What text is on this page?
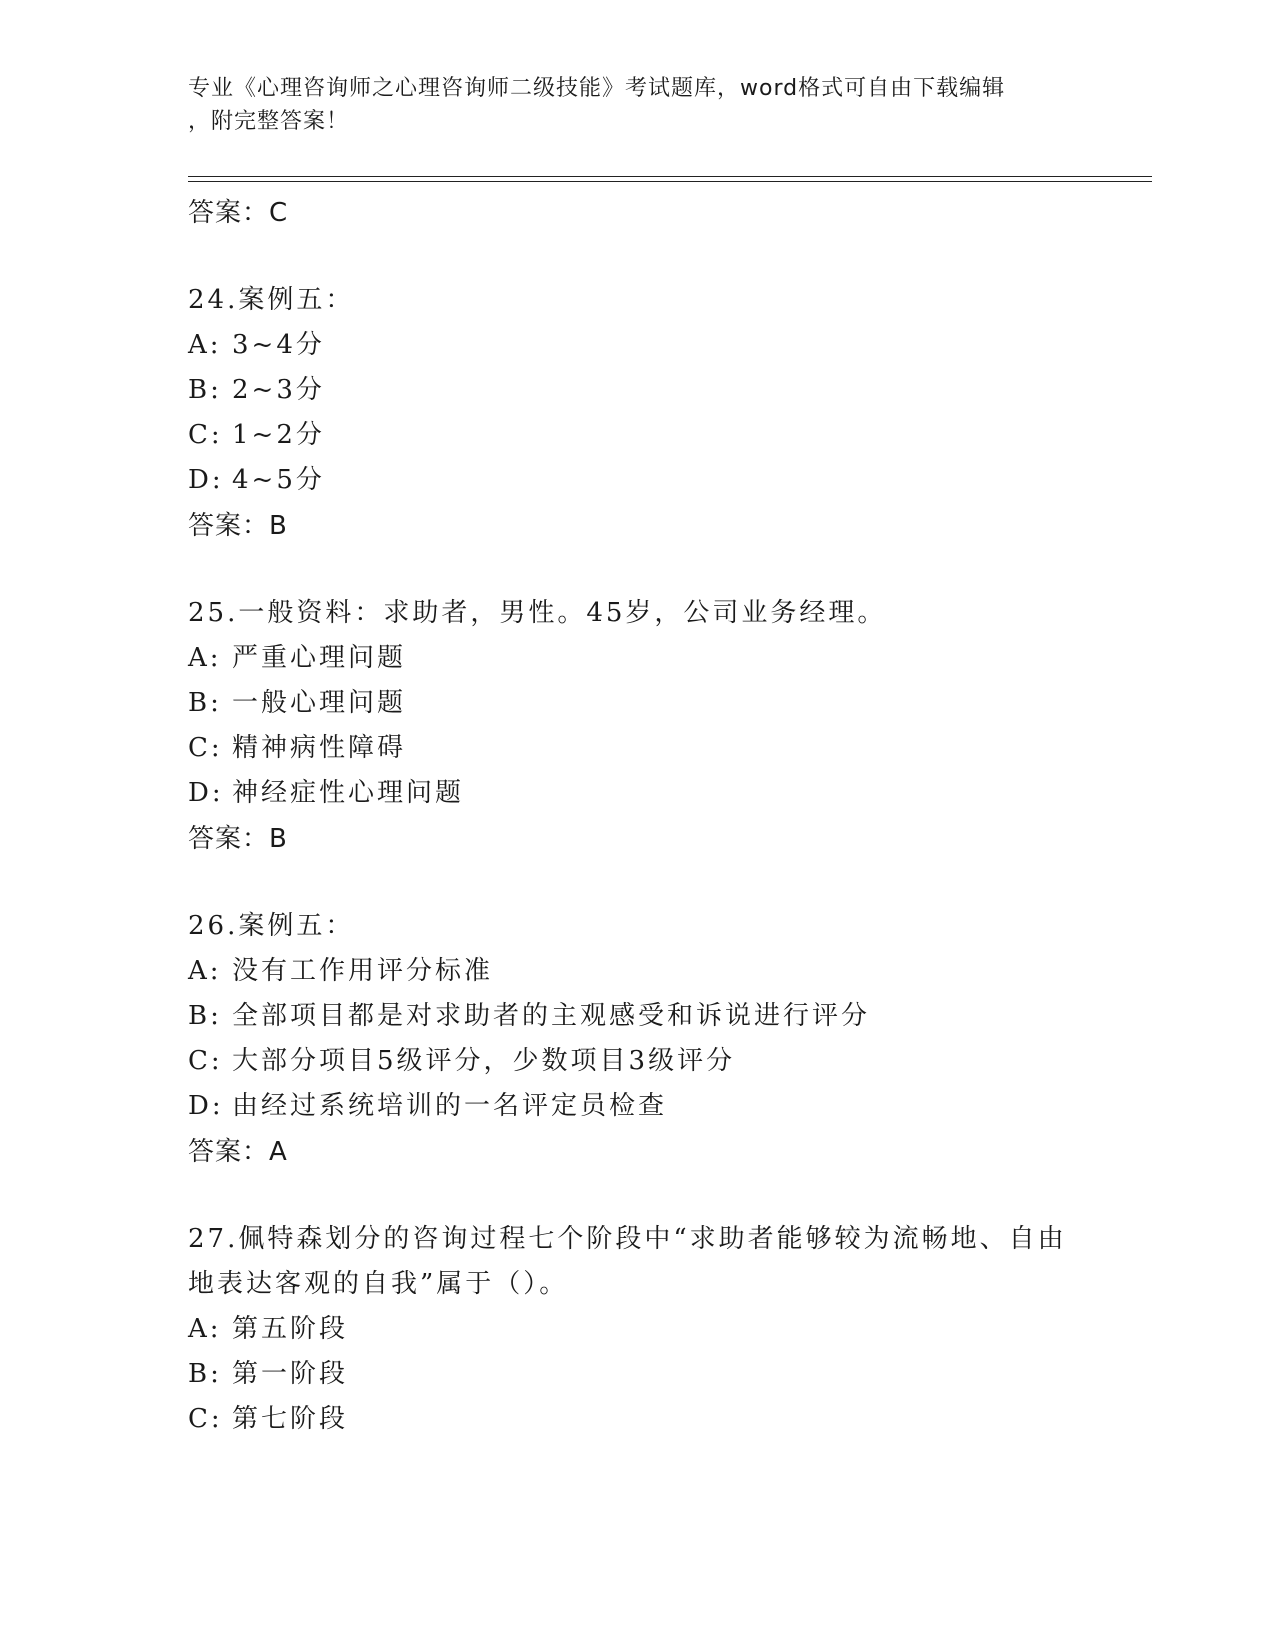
专业《心理咨询师之心理咨询师二级技能》考试题库，word格式可自由下载编辑
，附完整答案！

答案：C

24.案例五：

A: 3~4分

B: 2~3分

C: 1~2分

D: 4~5分

答案：B

25.一般资料：求助者，男性。45岁，公司业务经理。

A: 严重心理问题

B: 一般心理问题

C: 精神病性障碍

D: 神经症性心理问题

答案：B

26.案例五：

A: 没有工作用评分标准

B: 全部项目都是对求助者的主观感受和诉说进行评分

C: 大部分项目5级评分，少数项目3级评分

D: 由经过系统培训的一名评定员检查

答案：A

27.佩特森划分的咨询过程七个阶段中“求助者能够较为流畅地、自由地表达客观的自我”属于（）。

A: 第五阶段

B: 第一阶段

C: 第七阶段
